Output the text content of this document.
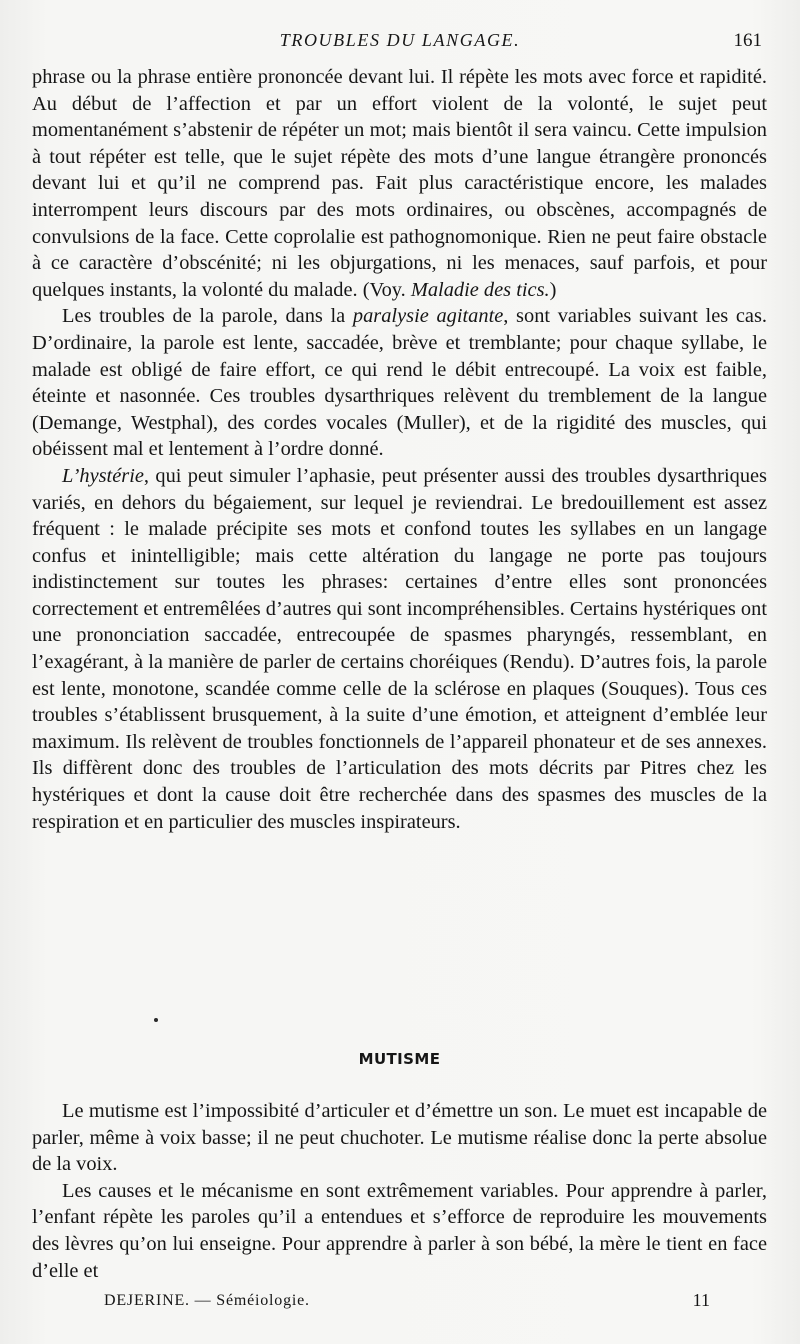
TROUBLES DU LANGAGE.	161

phrase ou la phrase entière prononcée devant lui. Il répète les mots avec force et rapidité. Au début de l’affection et par un effort violent de la volonté, le sujet peut momentanément s’abstenir de répéter un mot; mais bientôt il sera vaincu. Cette impulsion à tout répéter est telle, que le sujet répète des mots d’une langue étrangère prononcés devant lui et qu’il ne comprend pas. Fait plus caractéristique encore, les malades interrompent leurs discours par des mots ordinaires, ou obscènes, accompagnés de convulsions de la face. Cette coprolalie est pathognomonique. Rien ne peut faire obstacle à ce caractère d’obscénité; ni les objurgations, ni les menaces, sauf parfois, et pour quelques instants, la volonté du malade. (Voy. Maladie des tics.)

Les troubles de la parole, dans la paralysie agitante, sont variables suivant les cas. D’ordinaire, la parole est lente, saccadée, brève et tremblante; pour chaque syllabe, le malade est obligé de faire effort, ce qui rend le débit entrecoupé. La voix est faible, éteinte et nasonnée. Ces troubles dysarthriques relèvent du tremblement de la langue (Demange, Westphal), des cordes vocales (Muller), et de la rigidité des muscles, qui obéissent mal et lentement à l’ordre donné.

L’hystérie, qui peut simuler l’aphasie, peut présenter aussi des troubles dysarthriques variés, en dehors du bégaiement, sur lequel je reviendrai. Le bredouillement est assez fréquent : le malade précipite ses mots et confond toutes les syllabes en un langage confus et inintelligible; mais cette altération du langage ne porte pas toujours indistinctement sur toutes les phrases: certaines d’entre elles sont prononcées correctement et entremêlées d’autres qui sont incompréhensibles. Certains hystériques ont une prononciation saccadée, entrecoupée de spasmes pharyngés, ressemblant, en l’exagérant, à la manière de parler de certains choréiques (Rendu). D’autres fois, la parole est lente, monotone, scandée comme celle de la sclérose en plaques (Souques). Tous ces troubles s’établissent brusquement, à la suite d’une émotion, et atteignent d’emblée leur maximum. Ils relèvent de troubles fonctionnels de l’appareil phonateur et de ses annexes. Ils diffèrent donc des troubles de l’articulation des mots décrits par Pitres chez les hystériques et dont la cause doit être recherchée dans des spasmes des muscles de la respiration et en particulier des muscles inspirateurs.

MUTISME

Le mutisme est l’impossibité d’articuler et d’émettre un son. Le muet est incapable de parler, même à voix basse; il ne peut chuchoter. Le mutisme réalise donc la perte absolue de la voix.

Les causes et le mécanisme en sont extrêmement variables. Pour apprendre à parler, l’enfant répète les paroles qu’il a entendues et s’efforce de reproduire les mouvements des lèvres qu’on lui enseigne. Pour apprendre à parler à son bébé, la mère le tient en face d’elle et

DEJERINE. — Séméiologie.	11
